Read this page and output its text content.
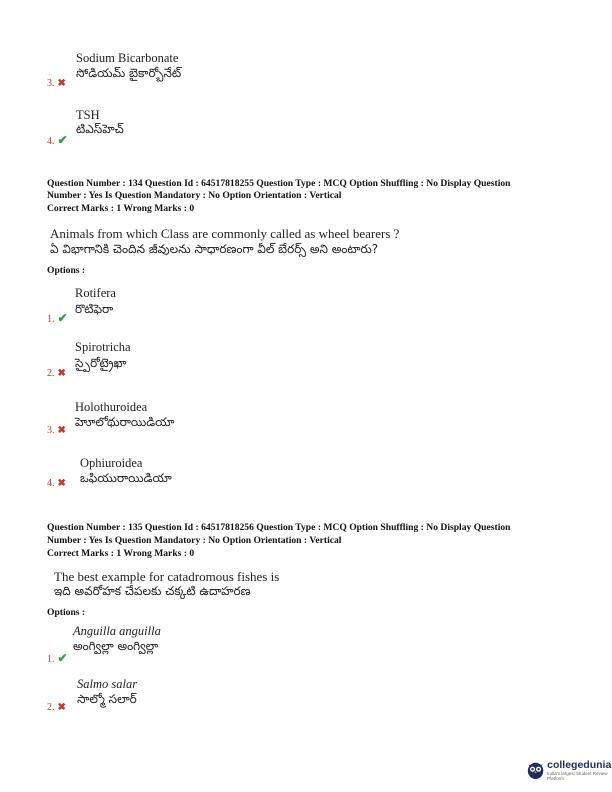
Sodium Bicarbonate
సోడియమ్ బైకార్బోనేట్
3. ✖
TSH
టిఎస్‌హెచ్
4. ✔
Question Number : 134 Question Id : 64517818255 Question Type : MCQ Option Shuffling : No Display Question
Number : Yes Is Question Mandatory : No Option Orientation : Vertical
Correct Marks : 1 Wrong Marks : 0
Animals from which Class are commonly called as wheel bearers ?
ఏ విభాగానికి చెందిన జీవులను సాధారణంగా వీల్ బేరర్స్ అని అంటారు?
Options :
Rotifera
రొటిఫెరా
1. ✔
Spirotricha
స్పైరోట్రైఖా
2. ✖
Holothuroidea
హెూలోథురాయిడియా
3. ✖
Ophiuroidea
ఒఫియురాయిడియా
4. ✖
Question Number : 135 Question Id : 64517818256 Question Type : MCQ Option Shuffling : No Display Question
Number : Yes Is Question Mandatory : No Option Orientation : Vertical
Correct Marks : 1 Wrong Marks : 0
The best example for catadromous fishes is
ఇది అవరోహక చేపలకు చక్కటి ఉదాహరణ
Options :
Anguilla anguilla
అంగ్విల్లా అంగ్విల్లా
1. ✔
Salmo salar
సాల్మో సలార్
2. ✖
collegedunia
India's largest Student Review Platform
